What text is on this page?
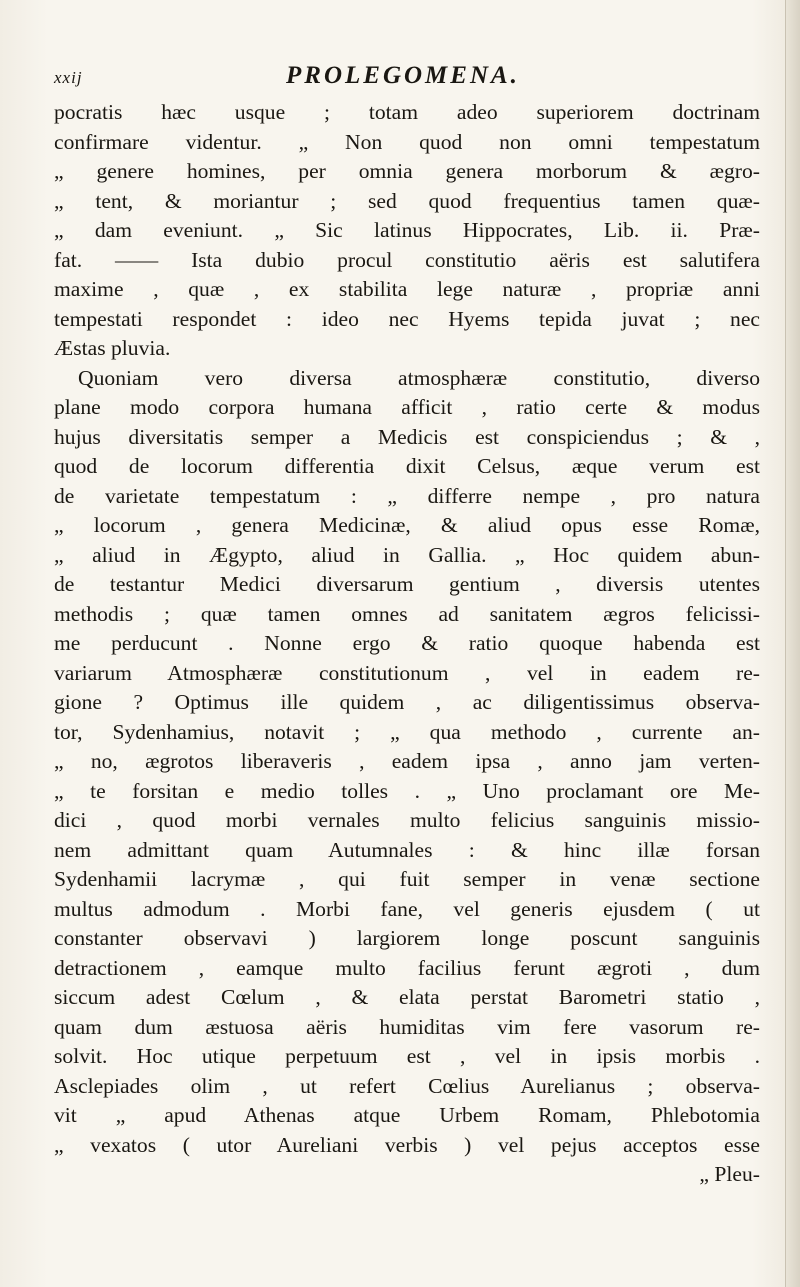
xxij	PROLEGOMENA.
pocratis hæc usque ; totam adeo superiorem doctrinam
confirmare videntur. „ Non quod non omni tempestatum
„ genere homines, per omnia genera morborum & ægro-
„ tent, & moriantur ; sed quod frequentius tamen quæ-
„ dam eveniunt. „ Sic latinus Hippocrates, Lib. ii. Præ-
fat. —— Ista dubio procul constitutio aëris est salutifera
maxime , quæ , ex stabilita lege naturæ , propriæ anni
tempestati respondet : ideo nec Hyems tepida juvat ; nec
Æstas pluvia.
Quoniam vero diversa atmosphæræ constitutio, diverso
plane modo corpora humana afficit , ratio certe & modus
hujus diversitatis semper a Medicis est conspiciendus ; & ,
quod de locorum differentia dixit Celsus, æque verum est
de varietate tempestatum : „ differre nempe , pro natura
„ locorum , genera Medicinæ, & aliud opus esse Romæ,
„ aliud in Ægypto, aliud in Gallia. „ Hoc quidem abun-
de testantur Medici diversarum gentium , diversis utentes
methodis ; quæ tamen omnes ad sanitatem ægros felicissi-
me perducunt . Nonne ergo & ratio quoque habenda est
variarum Atmosphæræ constitutionum , vel in eadem re-
gione ? Optimus ille quidem , ac diligentissimus observa-
tor, Sydenhamius, notavit ; „ qua methodo , currente an-
„ no, ægrotos liberaveris , eadem ipsa , anno jam verten-
„ te forsitan e medio tolles . „ Uno proclamant ore Me-
dici , quod morbi vernales multo felicius sanguinis missio-
nem admittant quam Autumnales : & hinc illæ forsan
Sydenhamii lacrymæ , qui fuit semper in venæ sectione
multus admodum . Morbi fane, vel generis ejusdem ( ut
constanter observavi ) largiorem longe poscunt sanguinis
detractionem , eamque multo facilius ferunt ægroti , dum
siccum adest Cœlum , & elata perstat Barometri statio ,
quam dum æstuosa aëris humiditas vim fere vasorum re-
solvit. Hoc utique perpetuum est , vel in ipsis morbis .
Asclepiades olim , ut refert Cœlius Aurelianus ; observa-
vit „ apud Athenas atque Urbem Romam, Phlebotomia
„ vexatos ( utor Aureliani verbis ) vel pejus acceptos esse
„ Pleu-
